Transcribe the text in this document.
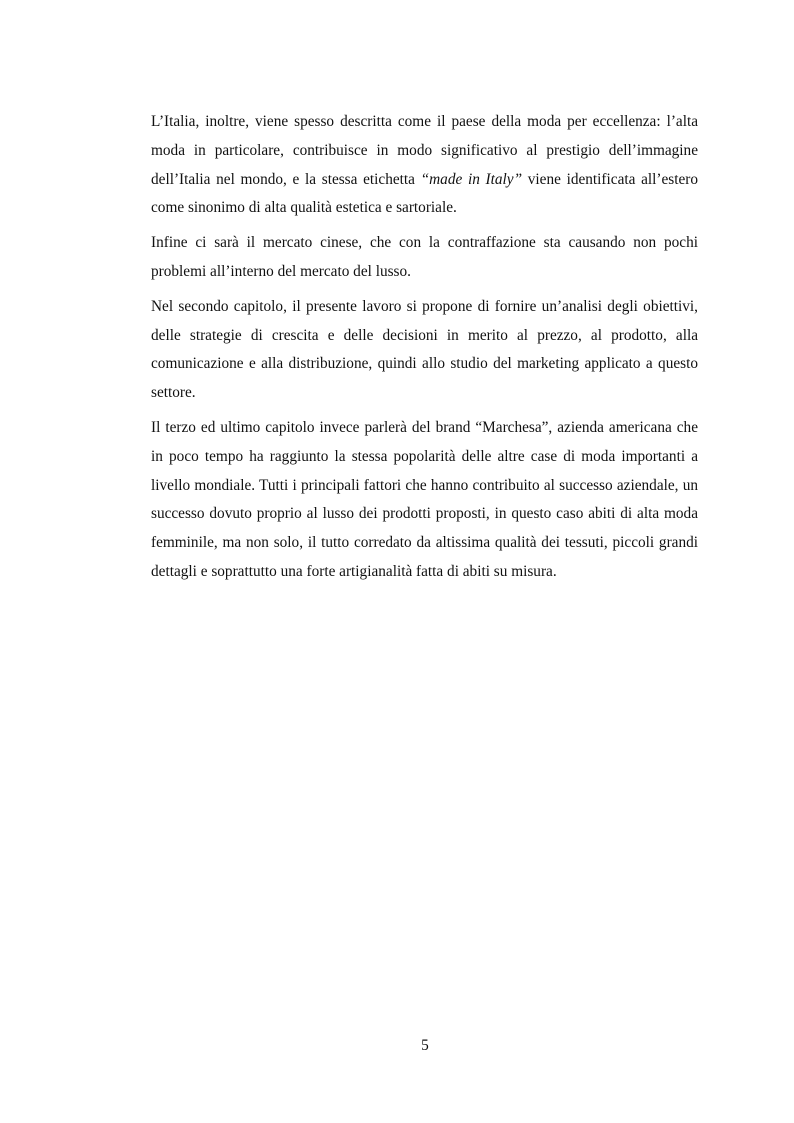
L’Italia, inoltre, viene spesso descritta come il paese della moda per eccellenza: l’alta moda in particolare, contribuisce in modo significativo al prestigio dell’immagine dell’Italia nel mondo, e la stessa etichetta “made in Italy” viene identificata all’estero come sinonimo di alta qualità estetica e sartoriale.

Infine ci sarà il mercato cinese, che con la contraffazione sta causando non pochi problemi all’interno del mercato del lusso.

Nel secondo capitolo, il presente lavoro si propone di fornire un’analisi degli obiettivi, delle strategie di crescita e delle decisioni in merito al prezzo, al prodotto, alla comunicazione e alla distribuzione, quindi allo studio del marketing applicato a questo settore.

Il terzo ed ultimo capitolo invece parlerà del brand “Marchesa”, azienda americana che in poco tempo ha raggiunto la stessa popolarità delle altre case di moda importanti a livello mondiale. Tutti i principali fattori che hanno contribuito al successo aziendale, un successo dovuto proprio al lusso dei prodotti proposti, in questo caso abiti di alta moda femminile, ma non solo, il tutto corredato da altissima qualità dei tessuti, piccoli grandi dettagli e soprattutto una forte artigianalità fatta di abiti su misura.

5
